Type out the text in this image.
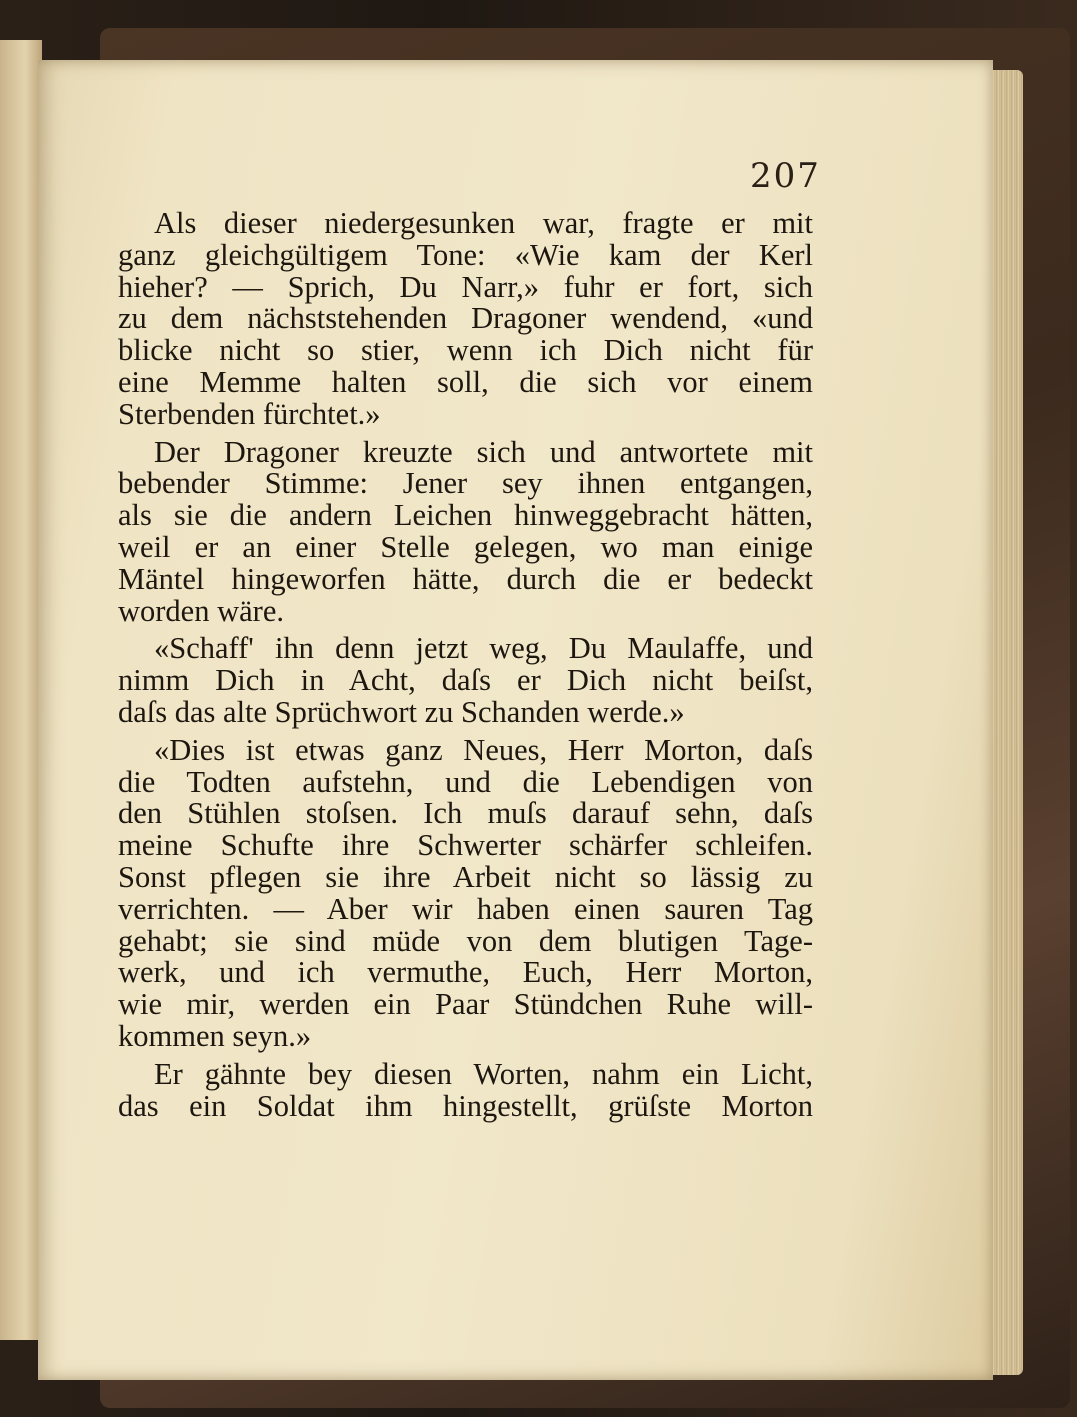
207
Als dieser niedergesunken war, fragte er mit
ganz gleichgültigem Tone: «Wie kam der Kerl
hieher? — Sprich, Du Narr,» fuhr er fort, sich
zu dem nächststehenden Dragoner wendend, «und
blicke nicht so stier, wenn ich Dich nicht für
eine Memme halten soll, die sich vor einem
Sterbenden fürchtet.»
Der Dragoner kreuzte sich und antwortete mit
bebender Stimme: Jener sey ihnen entgangen,
als sie die andern Leichen hinweggebracht hätten,
weil er an einer Stelle gelegen, wo man einige
Mäntel hingeworfen hätte, durch die er bedeckt
worden wäre.
«Schaff' ihn denn jetzt weg, Du Maulaffe, und
nimm Dich in Acht, daſs er Dich nicht beiſst,
daſs das alte Sprüchwort zu Schanden werde.»
«Dies ist etwas ganz Neues, Herr Morton, daſs
die Todten aufstehn, und die Lebendigen von
den Stühlen stoſsen. Ich muſs darauf sehn, daſs
meine Schufte ihre Schwerter schärfer schleifen.
Sonst pflegen sie ihre Arbeit nicht so lässig zu
verrichten. — Aber wir haben einen sauren Tag
gehabt; sie sind müde von dem blutigen Tage-
werk, und ich vermuthe, Euch, Herr Morton,
wie mir, werden ein Paar Stündchen Ruhe will-
kommen seyn.»
Er gähnte bey diesen Worten, nahm ein Licht,
das ein Soldat ihm hingestellt, grüſste Morton
